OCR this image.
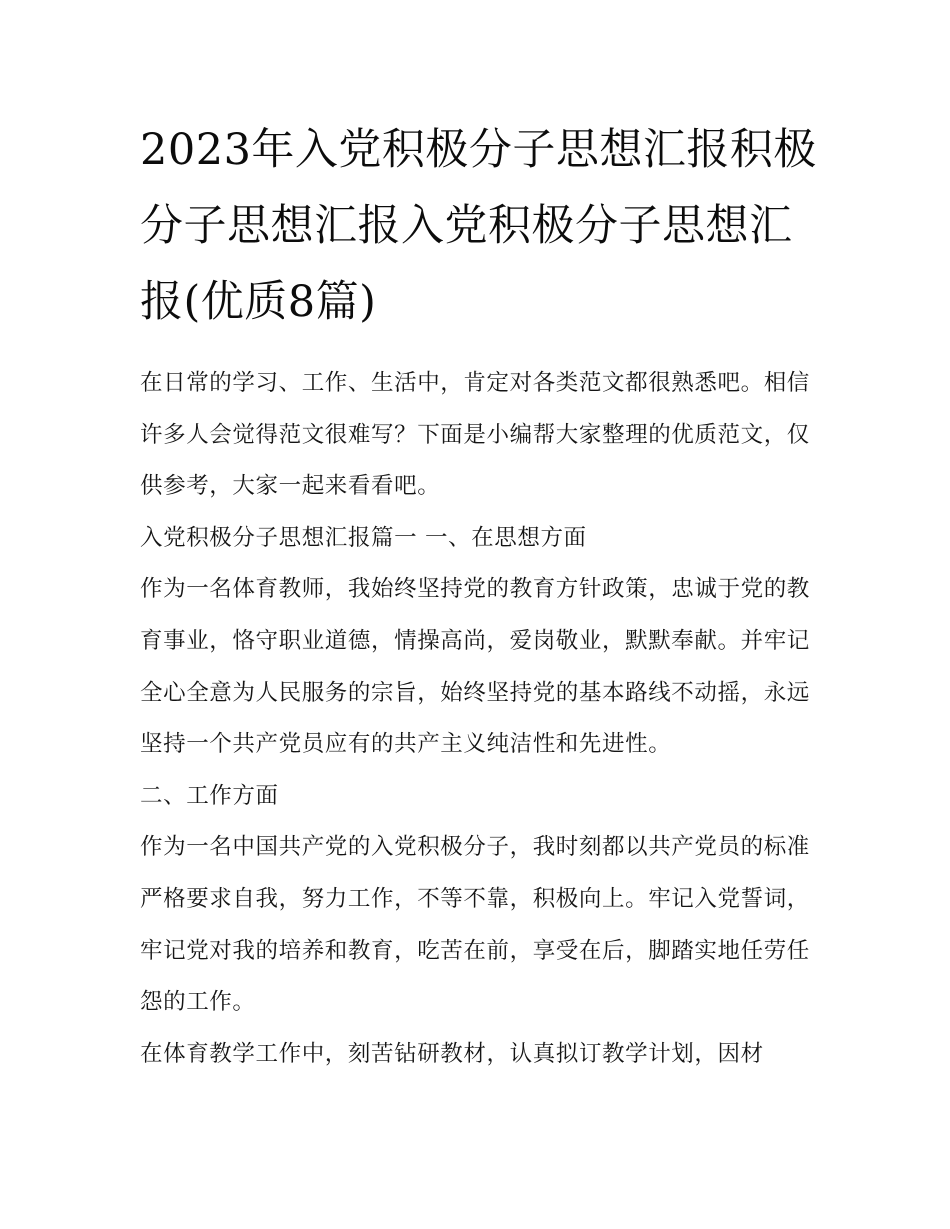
2023年入党积极分子思想汇报积极分子思想汇报入党积极分子思想汇报(优质8篇)

在日常的学习、工作、生活中，肯定对各类范文都很熟悉吧。相信许多人会觉得范文很难写？下面是小编帮大家整理的优质范文，仅供参考，大家一起来看看吧。

入党积极分子思想汇报篇一 一、在思想方面

作为一名体育教师，我始终坚持党的教育方针政策，忠诚于党的教育事业，恪守职业道德，情操高尚，爱岗敬业，默默奉献。并牢记全心全意为人民服务的宗旨，始终坚持党的基本路线不动摇，永远坚持一个共产党员应有的共产主义纯洁性和先进性。

二、工作方面

作为一名中国共产党的入党积极分子，我时刻都以共产党员的标准严格要求自我，努力工作，不等不靠，积极向上。牢记入党誓词，牢记党对我的培养和教育，吃苦在前，享受在后，脚踏实地任劳任怨的工作。

在体育教学工作中，刻苦钻研教材，认真拟订教学计划，因材
